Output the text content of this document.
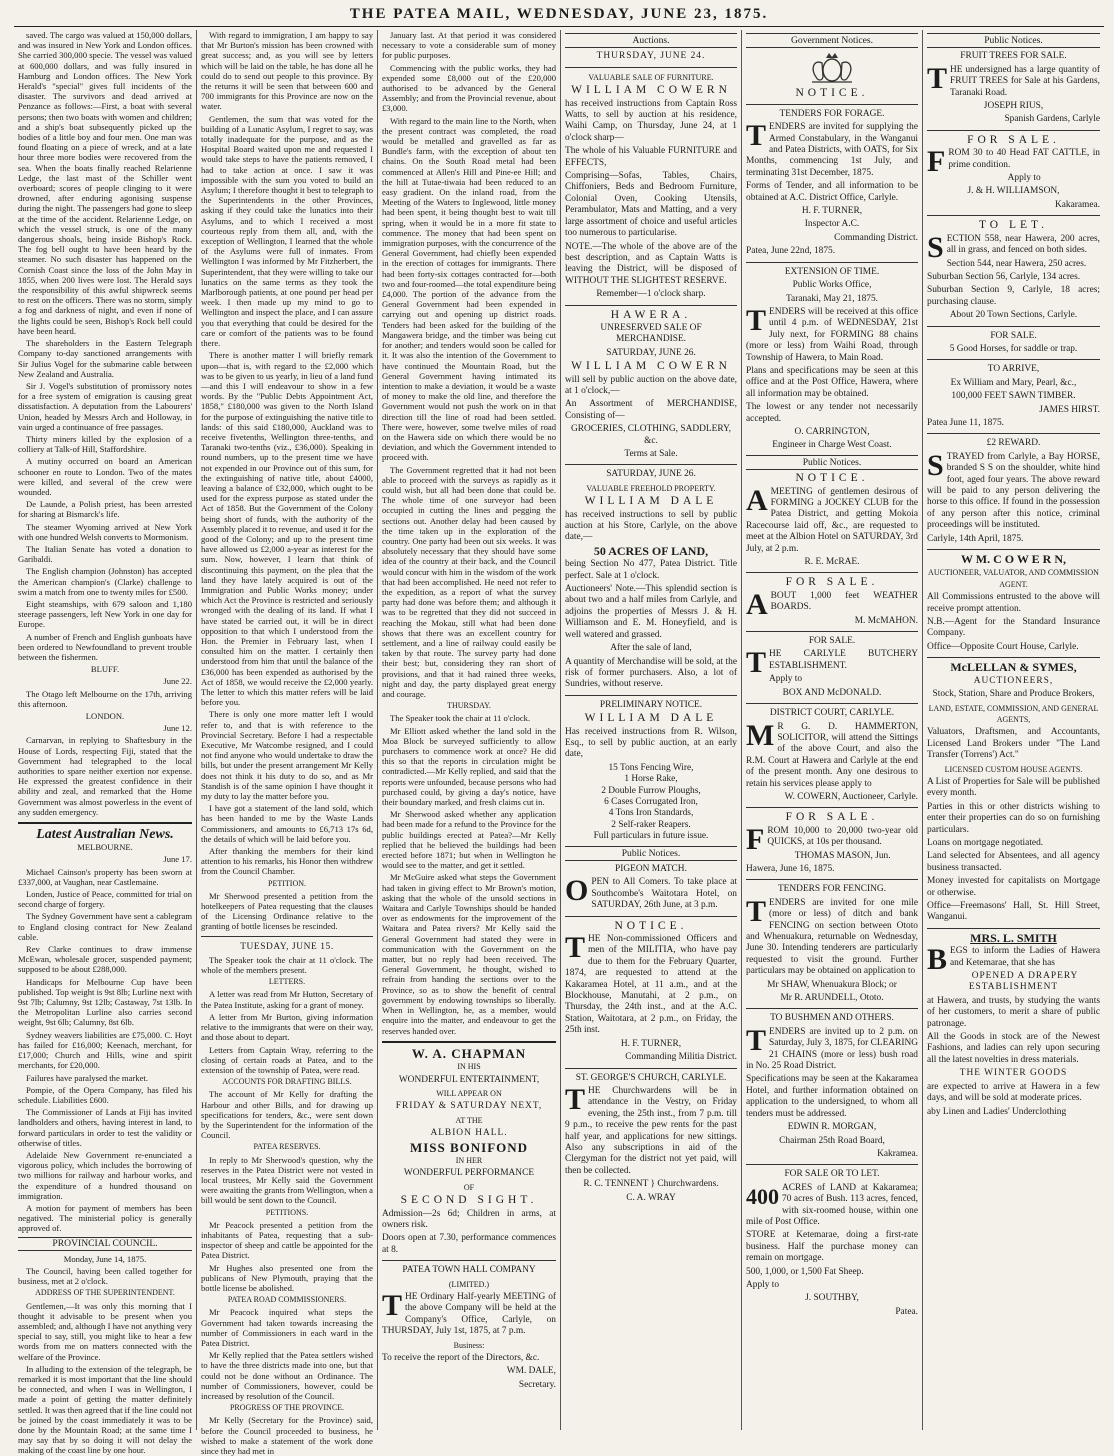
THE PATEA MAIL, WEDNESDAY, JUNE 23, 1875.

saved. The cargo was valued at 150,000 dollars, and was insured in New York and London offices. She carried 300,000 specie. The vessel was valued at 600,000 dollars, and was fully insured in Hamburg and London offices. The New York Herald's "special" gives full incidents of the disaster. The survivors and dead arrived at Penzance as follows:—First, a boat with several persons; then two boats with women and children; and a ship's boat subsequently picked up the bodies of a little boy and four men. One man was found floating on a piece of wreck, and at a late hour three more bodies were recovered from the sea. When the boats finally reached Relarienne Ledge, the last mast of the Schiller went overboard; scores of people clinging to it were drowned, after enduring agonising suspense during the night. The passengers had gone to sleep at the time of the accident. Relarienne Ledge, on which the vessel struck, is one of the many dangerous shoals, being inside Bishop's Rock. The fog bell ought to have been heard by the steamer. No such disaster has happened on the Cornish Coast since the loss of the John May in 1855, when 200 lives were lost. The Herald says the responsibility of this awful shipwreck seems to rest on the officers. There was no storm, simply a fog and darkness of night, and even if none of the lights could be seen, Bishop's Rock bell could have been heard.

The shareholders in the Eastern Telegraph Company to-day sanctioned arrangements with Sir Julius Vogel for the submarine cable between New Zealand and Australia.

Sir J. Vogel's substitution of promissory notes for a free system of emigration is causing great dissatisfaction. A deputation from the Labourers' Union, headed by Messrs Arch and Holloway, in vain urged a continuance of free passages.

Thirty miners killed by the explosion of a colliery at Talk-of Hill, Staffordshire.

A mutiny occurred on board an American schooner en route to London. Two of the mates were killed, and several of the crew were wounded.

De Launde, a Polish priest, has been arrested for sharing at Bismarck's life.

The steamer Wyoming arrived at New York with one hundred Welsh converts to Mormonism.

The Italian Senate has voted a donation to Garibaldi.

The English champion (Johnston) has accepted the American champion's (Clarke) challenge to swim a match from one to twenty miles for £500.

Eight steamships, with 679 saloon and 1,180 steerage passengers, left New York in one day for Europe.

A number of French and English gunboats have been ordered to Newfoundland to prevent trouble between the fishermen.

BLUFF.

June 22.

The Otago left Melbourne on the 17th, arriving this afternoon.

LONDON.

June 12.

Carnarvan, in replying to Shaftesbury in the House of Lords, respecting Fiji, stated that the Government had telegraphed to the local authorities to spare neither exertion nor expense. He expressed the greatest confidence in their ability and zeal, and remarked that the Home Government was almost powerless in the event of any sudden emergency.

Latest Australian News.

MELBOURNE.

June 17.

Michael Cainson's property has been sworn at £337,000, at Vaughan, near Castlemaine.

Londen, Justice of Peace, committed for trial on second charge of forgery.

The Sydney Government have sent a cablegram to England closing contract for New Zealand cable.

Rev Clarke continues to draw immense McEwan, wholesale grocer, suspended payment; supposed to be about £288,000.

Handicaps for Melbourne Cup have been published. Top weight is 9st 8lb; Lurline next with 9st 7lb; Calumny, 9st 12lb; Castaway, 7st 13lb. In the Metropolitan Lurline also carries second weight, 9st 6lb; Calumny, 8st 6lb.

Sydney weavers liabilities are £75,000. C. Hoyt has failed for £16,000; Keenach, merchant, for £17,000; Church and Hills, wine and spirit merchants, for £20,000.

Failures have paralysed the market.

Pompie, of the Opera Company, has filed his schedule. Liabilities £600.

The Commissioner of Lands at Fiji has invited landholders and others, having interest in land, to forward particulars in order to test the validity or otherwise of titles.

Adelaide New Government re-enunciated a vigorous policy, which includes the borrowing of two millions for railway and harbour works, and the expenditure of a hundred thousand on immigration.

A motion for payment of members has been negatived. The ministerial policy is generally approved of.

PROVINCIAL COUNCIL.

Monday, June 14, 1875.

The Council, having been called together for business, met at 2 o'clock.

ADDRESS OF THE SUPERINTENDENT.

Gentlemen,—It was only this morning that I thought it advisable to be present when you assembled; and, although I have not anything very special to say, still, you might like to hear a few words from me on matters connected with the welfare of the Province.

In alluding to the extension of the telegraph, be remarked it is most important that the line should be connected, and when I was in Wellington, I made a point of getting the matter definitely settled. It was then agreed that if the line could not be joined by the coast immediately it was to be done by the Mountain Road; at the same time I may say that by so doing it will not delay the making of the coast line by one hour.

With regard to immigration, I am happy to say that Mr Burton's mission has been crowned with great success; and, as you will see by letters which will be laid on the table, he has done all he could do to send out people to this province. By the returns it will be seen that between 600 and 700 immigrants for this Province are now on the water.

Gentlemen, the sum that was voted for the building of a Lunatic Asylum, I regret to say, was totally inadequate for the purpose, and as the Hospital Board waited upon me and requested I would take steps to have the patients removed, I had to take action at once. I saw it was impossible with the sum you voted to build an Asylum; I therefore thought it best to telegraph to the Superintendents in the other Provinces, asking if they could take the lunatics into their Asylums, and to which I received a most courteous reply from them all, and, with the exception of Wellington, I learned that the whole of the Asylums were full of inmates. From Wellington I was informed by Mr Fitzherbert, the Superintendent, that they were willing to take our lunatics on the same terms as they took the Marlborough patients, at one pound per head per week. I then made up my mind to go to Wellington and inspect the place, and I can assure you that everything that could be desired for the care or comfort of the patients was to be found there.

There is another matter I will briefly remark upon—that is, with regard to the £2,000 which was to be given to us yearly, in lieu of a land fund—and this I will endeavour to show in a few words. By the "Public Debts Appointment Act, 1858," £180,000 was given to the North Island for the purpose of extinguishing the native title to lands: of this said £180,000, Auckland was to receive fivetenths, Wellington three-tenths, and Taranaki two-tenths (viz., £36,000). Speaking in round numbers, up to the present time we have not expended in our Province out of this sum, for the extinguishing of native title, about £4000, leaving a balance of £32,000, which ought to be used for the express purpose as stated under the Act of 1858. But the Government of the Colony being short of funds, with the authority of the Assembly placed it to revenue, and used it for the good of the Colony; and up to the present time have allowed us £2,000 a-year as interest for the sum. Now, however, I learn that think of discontinuing this payment, on the plea that the land they have lately acquired is out of the Immigration and Public Works money; under which Act the Province is restricted and seriously wronged with the dealing of its land. If what I have stated be carried out, it will be in direct opposition to that which I understood from the Hon. the Premier in February last, when I consulted him on the matter. I certainly then understood from him that until the balance of the £36,000 has been expended as authorised by the Act of 1858, we would receive the £2,000 yearly. The letter to which this matter refers will be laid before you.

There is only one more matter left I would refer to, and that is with reference to the Provincial Secretary. Before I had a respectable Executive, Mr Watcombe resigned, and I could not find anyone who would undertake to draw the bills, but under the present arrangement Mr Kelly does not think it his duty to do so, and as Mr Standish is of the same opinion I have thought it my duty to lay the matter before you.

I have got a statement of the land sold, which has been handed to me by the Waste Lands Commissioners, and amounts to £6,713 17s 6d, the details of which will be laid before you.

After thanking the members for their kind attention to his remarks, his Honor then withdrew from the Council Chamber.

PETITION.

Mr Sherwood presented a petition from the hotelkeepers of Patea requesting that the clauses of the Licensing Ordinance relative to the granting of bottle licenses be rescinded.

TUESDAY, JUNE 15.

The Speaker took the chair at 11 o'clock. The whole of the members present.

LETTERS.

A letter was read from Mr Hutton, Secretary of the Patea Institute, asking for a grant of money.

A letter from Mr Burton, giving information relative to the immigrants that were on their way, and those about to depart.

Letters from Captain Wray, referring to the closing of certain roads at Patea, and to the extension of the township of Patea, were read.

ACCOUNTS FOR DRAFTING BILLS.

The account of Mr Kelly for drafting the Harbour and other Bills, and for drawing up specifications for tenders, &c., were sent down by the Superintendent for the information of the Council.

PATEA RESERVES.

In reply to Mr Sherwood's question, why the reserves in the Patea District were not vested in local trustees, Mr Kelly said the Government were awaiting the grants from Wellington, when a bill would be sent down to the Council.

PETITIONS.

Mr Peacock presented a petition from the inhabitants of Patea, requesting that a sub-inspector of sheep and cattle be appointed for the Patea District.

Mr Hughes also presented one from the publicans of New Plymouth, praying that the bottle license be abolished.

PATEA ROAD COMMISSIONERS.

Mr Peacock inquired what steps the Government had taken towards increasing the number of Commissioners in each ward in the Patea District.

Mr Kelly replied that the Patea settlers wished to have the three districts made into one, but that could not be done without an Ordinance. The number of Commissioners, however, could be increased by resolution of the Council.

PROGRESS OF THE PROVINCE.

Mr Kelly (Secretary for the Province) said, before the Council proceeded to business, he wished to make a statement of the work done since they had met in

January last. At that period it was considered necessary to vote a considerable sum of money for public purposes.

Commencing with the public works, they had expended some £8,000 out of the £20,000 authorised to be advanced by the General Assembly; and from the Provincial revenue, about £3,000.

With regard to the main line to the North, when the present contract was completed, the road would be metalled and gravelled as far as Bundle's farm, with the exception of about ten chains. On the South Road metal had been commenced at Allen's Hill and Pine-ee Hill; and the hill at Tutae-tiwaia had been reduced to an easy gradient. On the inland road, from the Meeting of the Waters to Inglewood, little money had been spent, it being thought best to wait till spring, when it would be in a more fit state to commence. The money that had been spent on immigration purposes, with the concurrence of the General Government, had chiefly been expended in the erection of cottages for immigrants. There had been forty-six cottages contracted for—both two and four-roomed—the total expenditure being £4,000. The portion of the advance from the General Government had been expended in carrying out and opening up district roads. Tenders had been asked for the building of the Mangawera bridge, and the timber was being cut for another; and tenders would soon be called for it. It was also the intention of the Government to have continued the Mountain Road, but the General Government having intimated its intention to make a deviation, it would be a waste of money to make the old line, and therefore the Government would not push the work on in that direction till the line of road had been settled. There were, however, some twelve miles of road on the Hawera side on which there would be no deviation, and which the Government intended to proceed with.

The Government regretted that it had not been able to proceed with the surveys as rapidly as it could wish, but all had been done that could be. The whole time of one surveyor had been occupied in cutting the lines and pegging the sections out. Another delay had been caused by the time taken up in the exploration of the country. One party had been out six weeks. It was absolutely necessary that they should have some idea of the country at their back, and the Council would concur with him in the wisdom of the work that had been accomplished. He need not refer to the expedition, as a report of what the survey party had done was before them; and although it was to be regretted that they did not succeed in reaching the Mokau, still what had been done shows that there was an excellent country for settlement, and a line of railway could easily be taken by that route. The survey party had done their best; but, considering they ran short of provisions, and that it had rained three weeks, night and day, the party displayed great energy and courage.

THURSDAY.

The Speaker took the chair at 11 o'clock.

Mr Elliott asked whether the land sold in the Moa Block be surveyed sufficiently to allow purchasers to commence work at once? He did this so that the reports in circulation might be contradicted.—Mr Kelly replied, and said that the reports were unfounded, because persons who had purchased could, by giving a day's notice, have their boundary marked, and fresh claims cut in.

Mr Sherwood asked whether any application had been made for a refund to the Province for the public buildings erected at Patea?—Mr Kelly replied that he believed the buildings had been erected before 1871; but when in Wellington he would see to the matter, and get it settled.

Mr McGuire asked what steps the Government had taken in giving effect to Mr Brown's motion, asking that the whole of the unsold sections in Waitara and Carlyle Townships should be handed over as endowments for the improvement of the Waitara and Patea rivers? Mr Kelly said the General Government had stated they were in communication with the Government on the matter, but no reply had been received. The General Government, he thought, wished to refrain from handing the sections over to the Province, so as to show the benefit of central government by endowing townships so liberally. When in Wellington, he, as a member, would enquire into the matter, and endeavour to get the reserves handed over.

W. A. CHAPMAN

IN HIS

WONDERFUL ENTERTAINMENT,

WILL APPEAR ON

FRIDAY & SATURDAY NEXT,

AT THE

ALBION HALL.

MISS BONIFOND

IN HER

WONDERFUL PERFORMANCE

OF

SECOND SIGHT.

Admission—2s 6d; Children in arms, at owners risk.

Doors open at 7.30, performance commences at 8.

PATEA TOWN HALL COMPANY

(LIMITED.)

THE Ordinary Half-yearly MEETING of the above Company will be held at the Company's Office, Carlyle, on THURSDAY, July 1st, 1875, at 7 p.m.

Business:

To receive the report of the Directors, &c.

WM. DALE,

Secretary.

Auctions.

THURSDAY, JUNE 24.

VALUABLE SALE OF FURNITURE.

WILLIAM COWERN

has received instructions from Captain Ross Watts, to sell by auction at his residence, Waihi Camp, on Thursday, June 24, at 1 o'clock sharp—

The whole of his Valuable FURNITURE and EFFECTS,

Comprising—Sofas, Tables, Chairs, Chiffoniers, Beds and Bedroom Furniture, Colonial Oven, Cooking Utensils, Perambulator, Mats and Matting, and a very large assortment of choice and useful articles too numerous to particularise.

NOTE.—The whole of the above are of the best description, and as Captain Watts is leaving the District, will be disposed of WITHOUT THE SLIGHTEST RESERVE.

Remember—1 o'clock sharp.

HAWERA.

UNRESERVED SALE OF MERCHANDISE.

SATURDAY, JUNE 26.

WILLIAM COWERN

will sell by public auction on the above date, at 1 o'clock,—

An Assortment of MERCHANDISE, Consisting of—

GROCERIES, CLOTHING, SADDLERY, &c.

Terms at Sale.

SATURDAY, JUNE 26.

VALUABLE FREEHOLD PROPERTY.

WILLIAM DALE

has received instructions to sell by public auction at his Store, Carlyle, on the above date,—

50 ACRES OF LAND,

being Section No 477, Patea District. Title perfect. Sale at 1 o'clock.

Auctioneers' Note.—This splendid section is about two and a half miles from Carlyle, and adjoins the properties of Messrs J. & H. Williamson and E. M. Honeyfield, and is well watered and grassed.

After the sale of land,

A quantity of Merchandise will be sold, at the risk of former purchasers. Also, a lot of Sundries, without reserve.

PRELIMINARY NOTICE.

WILLIAM DALE

Has received instructions from R. Wilson, Esq., to sell by public auction, at an early date,

15 Tons Fencing Wire,

1 Horse Rake,

2 Double Furrow Ploughs,

6 Cases Corrugated Iron,

4 Tons Iron Standards,

2 Self-raker Reapers.

Full particulars in future issue.

Public Notices.

PIGEON MATCH.

OPEN to All Comers. To take place at Southcombe's Waitotara Hotel, on SATURDAY, 26th June, at 3 p.m.

NOTICE.

THE Non-commissioned Officers and men of the MILITIA, who have pay due to them for the February Quarter, 1874, are requested to attend at the Kakaramea Hotel, at 11 a.m., and at the Blockhouse, Manutahi, at 2 p.m., on Thursday, the 24th inst., and at the A.C. Station, Waitotara, at 2 p.m., on Friday, the 25th inst.

H. F. TURNER,

Commanding Militia District.

ST. GEORGE'S CHURCH, CARLYLE.

THE Churchwardens will be in attendance in the Vestry, on Friday evening, the 25th inst., from 7 p.m. till 9 p.m., to receive the pew rents for the past half year, and applications for new sittings. Also any subscriptions in aid of the Clergyman for the district not yet paid, will then be collected.

R. C. TENNENT } Churchwardens.

C. A. WRAY

Government Notices.

NOTICE.

TENDERS FOR FORAGE.

TENDERS are invited for supplying the Armed Constabulary, in the Wanganui and Patea Districts, with OATS, for Six Months, commencing 1st July, and terminating 31st December, 1875.

Forms of Tender, and all information to be obtained at A.C. District Office, Carlyle.

H. F. TURNER,

Inspector A.C.

Commanding District.

Patea, June 22nd, 1875.

EXTENSION OF TIME.

Public Works Office,

Taranaki, May 21, 1875.

TENDERS will be received at this office until 4 p.m. of WEDNESDAY, 21st July next, for FORMING 88 chains (more or less) from Waihi Road, through Township of Hawera, to Main Road.

Plans and specifications may be seen at this office and at the Post Office, Hawera, where all information may be obtained.

The lowest or any tender not necessarily accepted.

O. CARRINGTON,

Engineer in Charge West Coast.

Public Notices.

NOTICE.

AMEETING of gentlemen desirous of FORMING a JOCKEY CLUB for the Patea District, and getting Mokoia Racecourse laid off, &c., are requested to meet at the Albion Hotel on SATURDAY, 3rd July, at 2 p.m.

R. E. McRAE.

FOR SALE.

ABOUT 1,000 feet WEATHER BOARDS.

M. McMAHON.

FOR SALE.

THE CARLYLE BUTCHERY ESTABLISHMENT.

Apply to

BOX AND McDONALD.

DISTRICT COURT, CARLYLE.

M R G. D. HAMMERTON, SOLICITOR, will attend the Sittings of the above Court, and also the R.M. Court at Hawera and Carlyle at the end of the present month. Any one desirous to retain his services please apply to

W. COWERN, Auctioneer, Carlyle.

FOR SALE.

FROM 10,000 to 20,000 two-year old QUICKS, at 10s per thousand.

THOMAS MASON, Jun.

Hawera, June 16, 1875.

TENDERS FOR FENCING.

TENDERS are invited for one mile (more or less) of ditch and bank FENCING on section between Ototo and Whenuakura, returnable on Wednesday, June 30. Intending tenderers are particularly requested to visit the ground. Further particulars may be obtained on application to

Mr SHAW, Whenuakura Block; or

Mr R. ARUNDELL, Ototo.

TO BUSHMEN AND OTHERS.

TENDERS are invited up to 2 p.m. on Saturday, July 3, 1875, for CLEARING 21 CHAINS (more or less) bush road in No. 25 Road District.

Specifications may be seen at the Kakaramea Hotel, and further information obtained on application to the undersigned, to whom all tenders must be addressed.

EDWIN R. MORGAN,

Chairman 25th Road Board,

Kakramea.

FOR SALE OR TO LET.

400 ACRES of LAND at Kakaramea; 70 acres of Bush. 113 acres, fenced, with six-roomed house, within one mile of Post Office.

STORE at Ketemarae, doing a first-rate business. Half the purchase money can remain on mortgage.

500, 1,000, or 1,500 Fat Sheep.

Apply to

J. SOUTHBY,

Patea.

Public Notices.

FRUIT TREES FOR SALE.

THE undersigned has a large quantity of FRUIT TREES for Sale at his Gardens, Taranaki Road.

JOSEPH RIUS,

Spanish Gardens, Carlyle

FOR SALE.

FROM 30 to 40 Head FAT CATTLE, in prime condition.

Apply to

J. & H. WILLIAMSON,

Kakaramea.

TO LET.

SECTION 558, near Hawera, 200 acres, all in grass, and fenced on both sides.

Section 544, near Hawera, 250 acres.

Suburban Section 56, Carlyle, 134 acres.

Suburban Section 9, Carlyle, 18 acres; purchasing clause.

About 20 Town Sections, Carlyle.

FOR SALE.

5 Good Horses, for saddle or trap.

TO ARRIVE,

Ex William and Mary, Pearl, &c.,

100,000 FEET SAWN TIMBER.

JAMES HIRST.

Patea June 11, 1875.

£2 REWARD.

STRAYED from Carlyle, a Bay HORSE, branded S S on the shoulder, white hind foot, aged four years. The above reward will be paid to any person delivering the horse to this office. If found in the possession of any person after this notice, criminal proceedings will be instituted.

Carlyle, 14th April, 1875.

W M. C O W E R N,

AUCTIONEER, VALUATOR, AND COMMISSION AGENT.

All Commissions entrusted to the above will receive prompt attention.

N.B.—Agent for the Standard Insurance Company.

Office—Opposite Court House, Carlyle.

McLELLAN & SYMES,

AUCTIONEERS,

Stock, Station, Share and Produce Brokers,

LAND, ESTATE, COMMISSION, AND GENERAL AGENTS,

Valuators, Draftsmen, and Accountants, Licensed Land Brokers under "The Land Transfer (Torrens') Act."

LICENSED CUSTOM HOUSE AGENTS.

A List of Properties for Sale will be published every month.

Parties in this or other districts wishing to enter their properties can do so on furnishing particulars.

Loans on mortgage negotiated.

Land selected for Absentees, and all agency business transacted.

Money invested for capitalists on Mortgage or otherwise.

Office—Freemasons' Hall, St. Hill Street, Wanganui.

MRS. L. SMITH

BEGS to inform the Ladies of Hawera and Ketemarae, that she has

OPENED A DRAPERY ESTABLISHMENT

at Hawera, and trusts, by studying the wants of her customers, to merit a share of public patronage.

All the Goods in stock are of the Newest Fashions, and ladies can rely upon securing all the latest novelties in dress materials.

THE WINTER GOODS

are expected to arrive at Hawera in a few days, and will be sold at moderate prices.

aby Linen and Ladies' Underclothing
